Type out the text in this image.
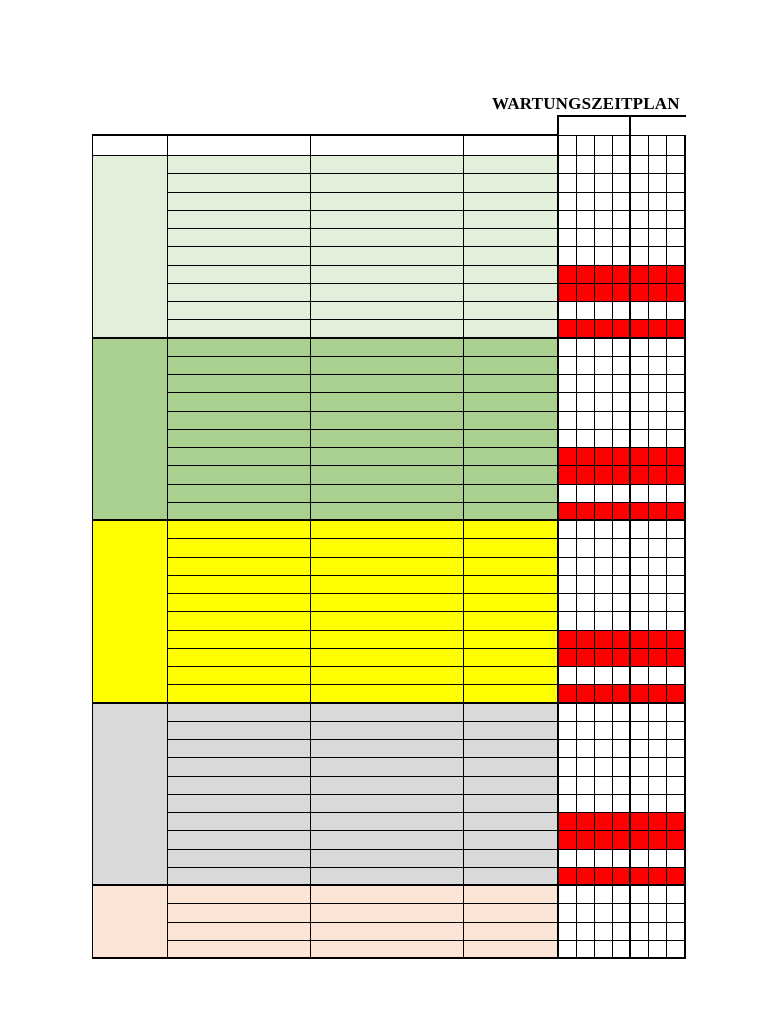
WARTUNGSZEITPLAN
